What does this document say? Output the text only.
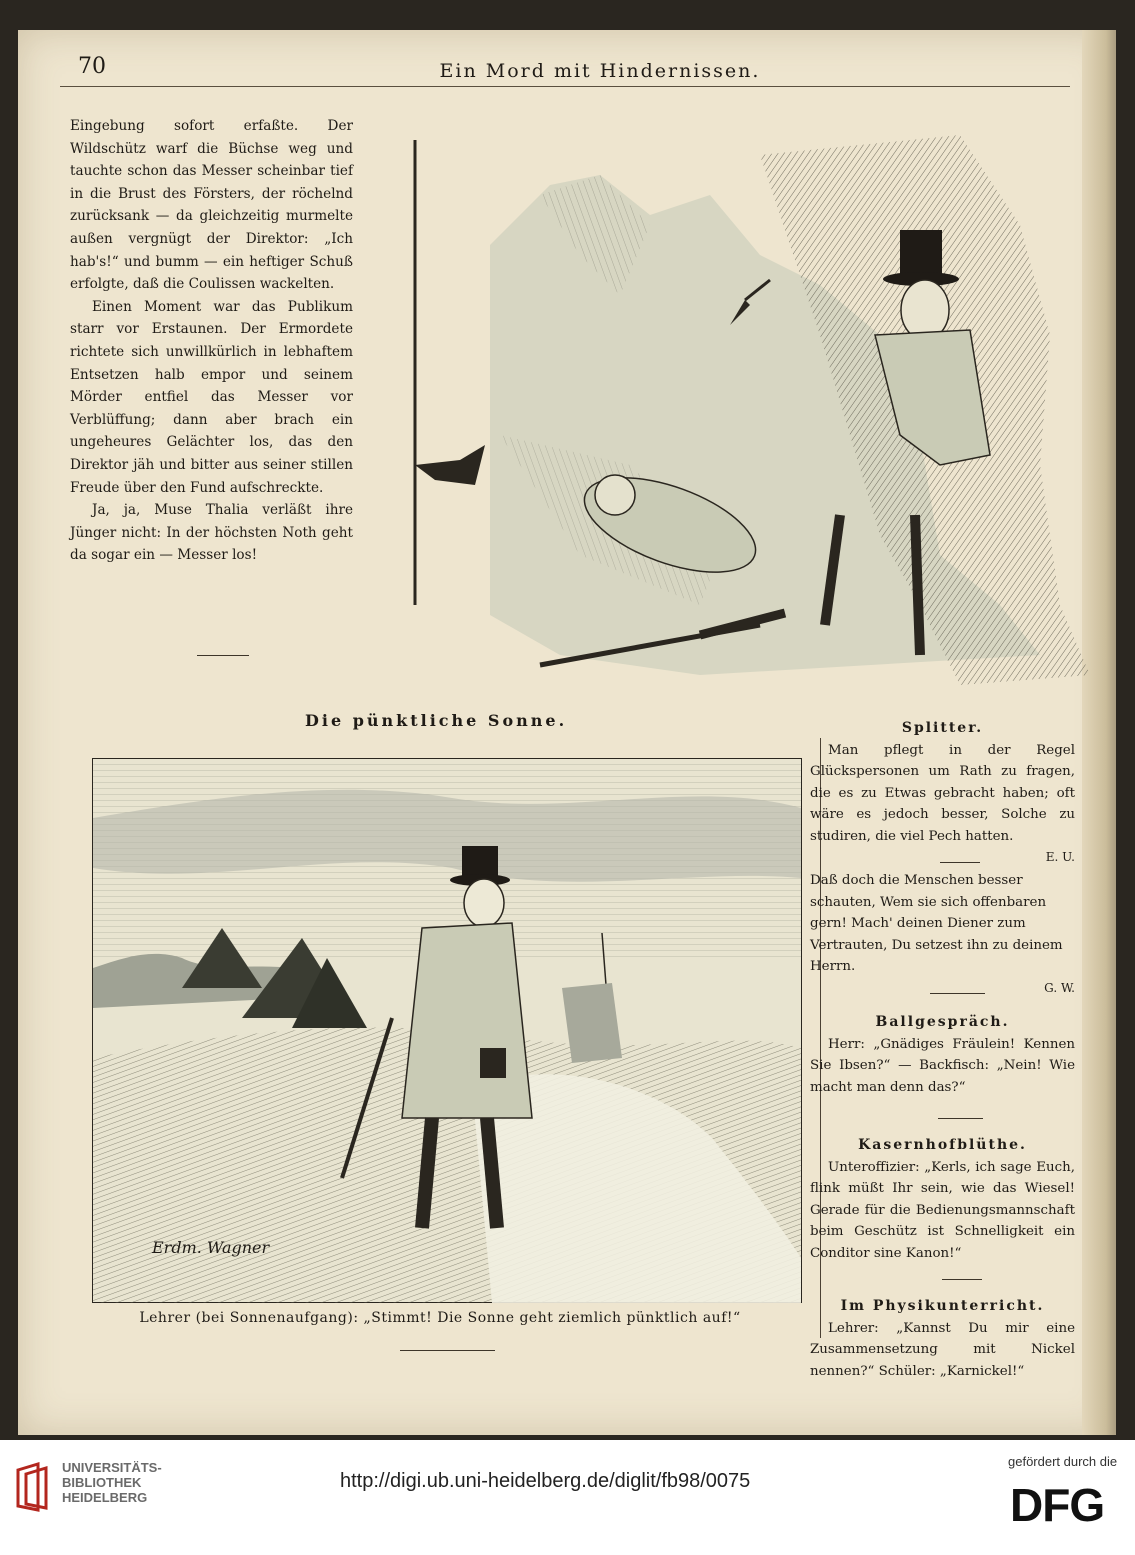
70	Ein Mord mit Hindernissen.

Eingebung sofort erfaßte. Der Wildschütz warf die Büchse weg und tauchte schon das Messer scheinbar tief in die Brust des Försters, der röchelnd zurücksank — da gleichzeitig murmelte außen vergnügt der Direktor: „Ich hab's!“ und bumm — ein heftiger Schuß erfolgte, daß die Coulissen wackelten.

Einen Moment war das Publikum starr vor Erstaunen. Der Ermordete richtete sich unwillkürlich in lebhaftem Entsetzen halb empor und seinem Mörder entfiel das Messer vor Verblüffung; dann aber brach ein ungeheures Gelächter los, das den Direktor jäh und bitter aus seiner stillen Freude über den Fund aufschreckte.

Ja, ja, Muse Thalia verläßt ihre Jünger nicht: In der höchsten Noth geht da sogar ein — Messer los!

Die pünktliche Sonne.
Erdm. Wagner
Lehrer (bei Sonnenaufgang): „Stimmt! Die Sonne geht ziemlich pünktlich auf!“
Splitter.
Man pflegt in der Regel Glückspersonen um Rath zu fragen, die es zu Etwas gebracht haben; oft wäre es jedoch besser, Solche zu studiren, die viel Pech hatten.
E. U.
Daß doch die Menschen besser schauten, Wem sie sich offenbaren gern! Mach' deinen Diener zum Vertrauten, Du setzest ihn zu deinem Herrn.
G. W.
Ballgespräch.
Herr: „Gnädiges Fräulein! Kennen Sie Ibsen?“ — Backfisch: „Nein! Wie macht man denn das?“
Kasernhofblüthe.
Unteroffizier: „Kerls, ich sage Euch, flink müßt Ihr sein, wie das Wiesel! Gerade für die Bedienungsmannschaft beim Geschütz ist Schnelligkeit ein Conditor sine Kanon!“
Im Physikunterricht.
Lehrer: „Kannst Du mir eine Zusammensetzung mit Nickel nennen?“ Schüler: „Karnickel!“
UNIVERSITÄTS-
BIBLIOTHEK
HEIDELBERG
http://digi.ub.uni-heidelberg.de/diglit/fb98/0075
gefördert durch die
DFG
